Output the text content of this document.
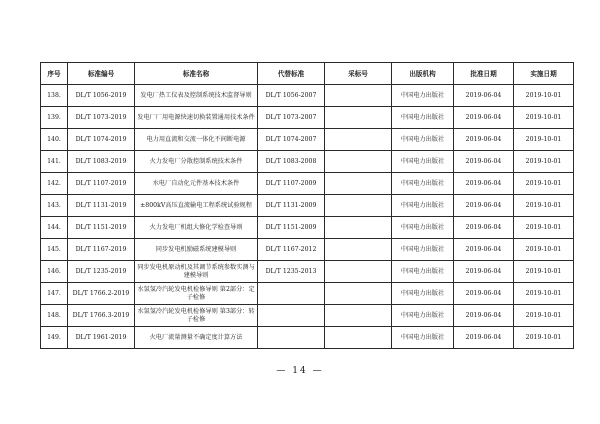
序号	标准编号	标准名称	代替标准	采标号	出版机构	批准日期	实施日期
138.	DL/T 1056-2019	发电厂热工仪表及控制系统技术监督导则	DL/T 1056-2007		中国电力出版社	2019-06-04	2019-10-01
139.	DL/T 1073-2019	发电厂厂用电源快速切换装置通用技术条件	DL/T 1073-2007		中国电力出版社	2019-06-04	2019-10-01
140.	DL/T 1074-2019	电力用直流和交流一体化不间断电源	DL/T 1074-2007		中国电力出版社	2019-06-04	2019-10-01
141.	DL/T 1083-2019	火力发电厂分散控制系统技术条件	DL/T 1083-2008		中国电力出版社	2019-06-04	2019-10-01
142.	DL/T 1107-2019	水电厂自动化元件基本技术条件	DL/T 1107-2009		中国电力出版社	2019-06-04	2019-10-01
143.	DL/T 1131-2019	±800kV高压直流输电工程系统试验规程	DL/T 1131-2009		中国电力出版社	2019-06-04	2019-10-01
144.	DL/T 1151-2019	火力发电厂机组大修化学检查导则	DL/T 1151-2009		中国电力出版社	2019-06-04	2019-10-01
145.	DL/T 1167-2019	同步发电机励磁系统建模导则	DL/T 1167-2012		中国电力出版社	2019-06-04	2019-10-01
146.	DL/T 1235-2019	同步发电机原动机及其调节系统参数实测与建模导则	DL/T 1235-2013		中国电力出版社	2019-06-04	2019-10-01
147.	DL/T 1766.2-2019	水氢氢冷汽轮发电机检修导则 第2部分：定子检修			中国电力出版社	2019-06-04	2019-10-01
148.	DL/T 1766.3-2019	水氢氢冷汽轮发电机检修导则 第3部分：转子检修			中国电力出版社	2019-06-04	2019-10-01
149.	DL/T 1961-2019	火电厂流量测量不确定度计算方法			中国电力出版社	2019-06-04	2019-10-01
— 14 —
